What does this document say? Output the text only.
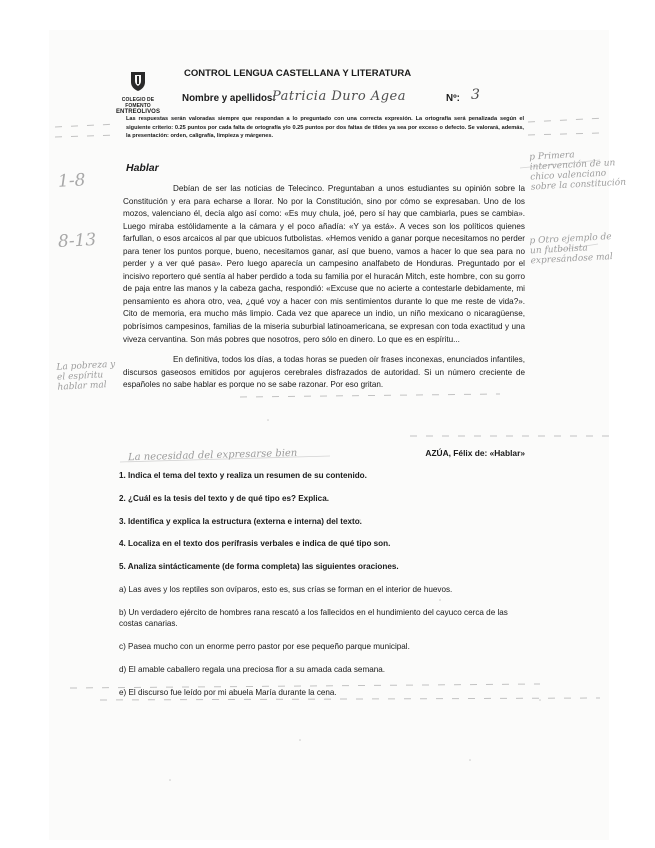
COLEGIO DE FOMENTO
ENTREOLIVOS
CONTROL LENGUA CASTELLANA Y LITERATURA
Nombre y apellidos:
Patricia Duro Agea	Nº: 3
Las respuestas serán valoradas siempre que respondan a lo preguntado con una correcta expresión. La ortografía será penalizada según el siguiente criterio: 0.25 puntos por cada falta de ortografía y/o 0.25 puntos por dos faltas de tildes ya sea por exceso o defecto. Se valorará, además, la presentación: orden, caligrafía, limpieza y márgenes.
Hablar

Debían de ser las noticias de Telecinco. Preguntaban a unos estudiantes su opinión sobre la Constitución y era para echarse a llorar. No por la Constitución, sino por cómo se expresaban. Uno de los mozos, valenciano él, decía algo así como: «Es muy chula, joé, pero sí hay que cambiarla, pues se cambia». Luego miraba estólidamente a la cámara y el poco añadía: «Y ya está». A veces son los políticos quienes farfullan, o esos arcaicos al par que ubicuos futbolistas. «Hemos venido a ganar porque necesitamos no perder para tener los puntos porque, bueno, necesitamos ganar, así que bueno, vamos a hacer lo que sea para no perder y a ver qué pasa». Pero luego aparecía un campesino analfabeto de Honduras. Preguntado por el incisivo reportero qué sentía al haber perdido a toda su familia por el huracán Mitch, este hombre, con su gorro de paja entre las manos y la cabeza gacha, respondió: «Excuse que no acierte a contestarle debidamente, mi pensamiento es ahora otro, vea, ¿qué voy a hacer con mis sentimientos durante lo que me reste de vida?». Cito de memoria, era mucho más limpio. Cada vez que aparece un indio, un niño mexicano o nicaragüense, pobrísimos campesinos, familias de la miseria suburbial latinoamericana, se expresan con toda exactitud y una viveza cervantina. Son más pobres que nosotros, pero sólo en dinero. Lo que es en espíritu...

En definitiva, todos los días, a todas horas se pueden oír frases inconexas, enunciados infantiles, discursos gaseosos emitidos por agujeros cerebrales disfrazados de autoridad. Si un número creciente de españoles no sabe hablar es porque no se sabe razonar. Por eso gritan.

AZÚA, Félix de: «Hablar»

1. Indica el tema del texto y realiza un resumen de su contenido.

2. ¿Cuál es la tesis del texto y de qué tipo es? Explica.

3. Identifica y explica la estructura (externa e interna) del texto.

4. Localiza en el texto dos perífrasis verbales e indica de qué tipo son.

5. Analiza sintácticamente (de forma completa) las siguientes oraciones.

a) Las aves y los reptiles son ovíparos, esto es, sus crías se forman en el interior de huevos.

b) Un verdadero ejército de hombres rana rescató a los fallecidos en el hundimiento del cayuco cerca de las costas canarias.

c) Pasea mucho con un enorme perro pastor por ese pequeño parque municipal.

d) El amable caballero regala una preciosa flor a su amada cada semana.

e) El discurso fue leído por mi abuela María durante la cena.

1-8
8-13
La pobreza y el espíritu hablar mal
p Primera intervención de un chico valenciano sobre la constitución
p Otro ejemplo de un futbolista expresándose mal
La necesidad del expresarse bien
